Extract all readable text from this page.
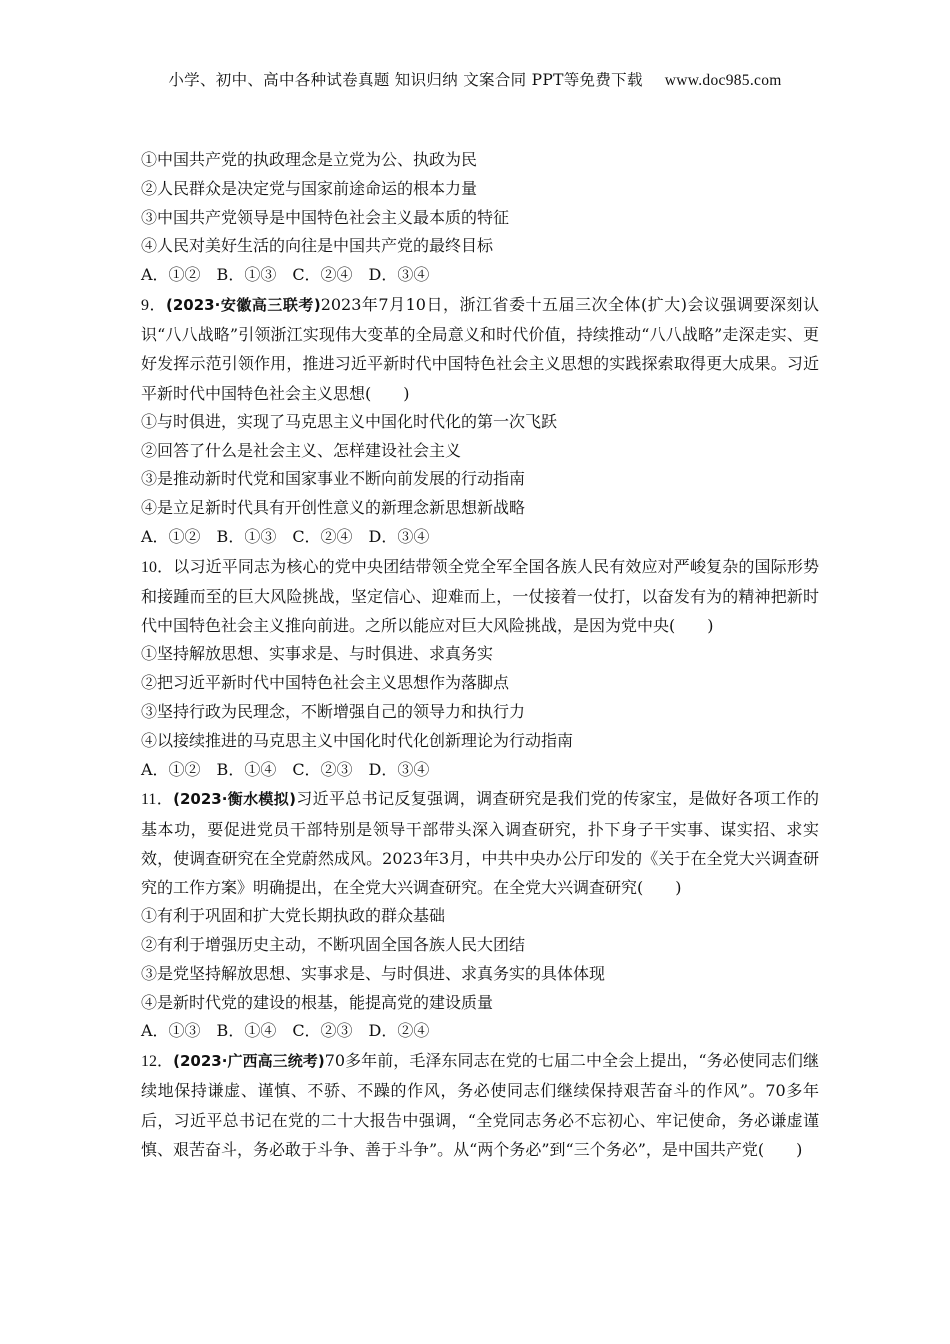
小学、初中、高中各种试卷真题 知识归纳 文案合同 PPT等免费下载 www.doc985.com
①中国共产党的执政理念是立党为公、执政为民
②人民群众是决定党与国家前途命运的根本力量
③中国共产党领导是中国特色社会主义最本质的特征
④人民对美好生活的向往是中国共产党的最终目标
A．①②　B．①③　C．②④　D．③④
9．(2023·安徽高三联考)2023年7月10日，浙江省委十五届三次全体(扩大)会议强调要深刻认识“八八战略”引领浙江实现伟大变革的全局意义和时代价值，持续推动“八八战略”走深走实、更好发挥示范引领作用，推进习近平新时代中国特色社会主义思想的实践探索取得更大成果。习近平新时代中国特色社会主义思想(　　)
①与时俱进，实现了马克思主义中国化时代化的第一次飞跃
②回答了什么是社会主义、怎样建设社会主义
③是推动新时代党和国家事业不断向前发展的行动指南
④是立足新时代具有开创性意义的新理念新思想新战略
A．①②　B．①③　C．②④　D．③④
10．以习近平同志为核心的党中央团结带领全党全军全国各族人民有效应对严峻复杂的国际形势和接踵而至的巨大风险挑战，坚定信心、迎难而上，一仗接着一仗打，以奋发有为的精神把新时代中国特色社会主义推向前进。之所以能应对巨大风险挑战，是因为党中央(　　)
①坚持解放思想、实事求是、与时俱进、求真务实
②把习近平新时代中国特色社会主义思想作为落脚点
③坚持行政为民理念，不断增强自己的领导力和执行力
④以接续推进的马克思主义中国化时代化创新理论为行动指南
A．①②　B．①④　C．②③　D．③④
11．(2023·衡水模拟)习近平总书记反复强调，调查研究是我们党的传家宝，是做好各项工作的基本功，要促进党员干部特别是领导干部带头深入调查研究，扑下身子干实事、谋实招、求实效，使调查研究在全党蔚然成风。2023年3月，中共中央办公厅印发的《关于在全党大兴调查研究的工作方案》明确提出，在全党大兴调查研究。在全党大兴调查研究(　　)
①有利于巩固和扩大党长期执政的群众基础
②有利于增强历史主动，不断巩固全国各族人民大团结
③是党坚持解放思想、实事求是、与时俱进、求真务实的具体体现
④是新时代党的建设的根基，能提高党的建设质量
A．①③　B．①④　C．②③　D．②④
12．(2023·广西高三统考)70多年前，毛泽东同志在党的七届二中全会上提出，“务必使同志们继续地保持谦虚、谨慎、不骄、不躁的作风，务必使同志们继续保持艰苦奋斗的作风”。70多年后，习近平总书记在党的二十大报告中强调，“全党同志务必不忘初心、牢记使命，务必谦虚谨慎、艰苦奋斗，务必敢于斗争、善于斗争”。从“两个务必”到“三个务必”，是中国共产党(　　)
